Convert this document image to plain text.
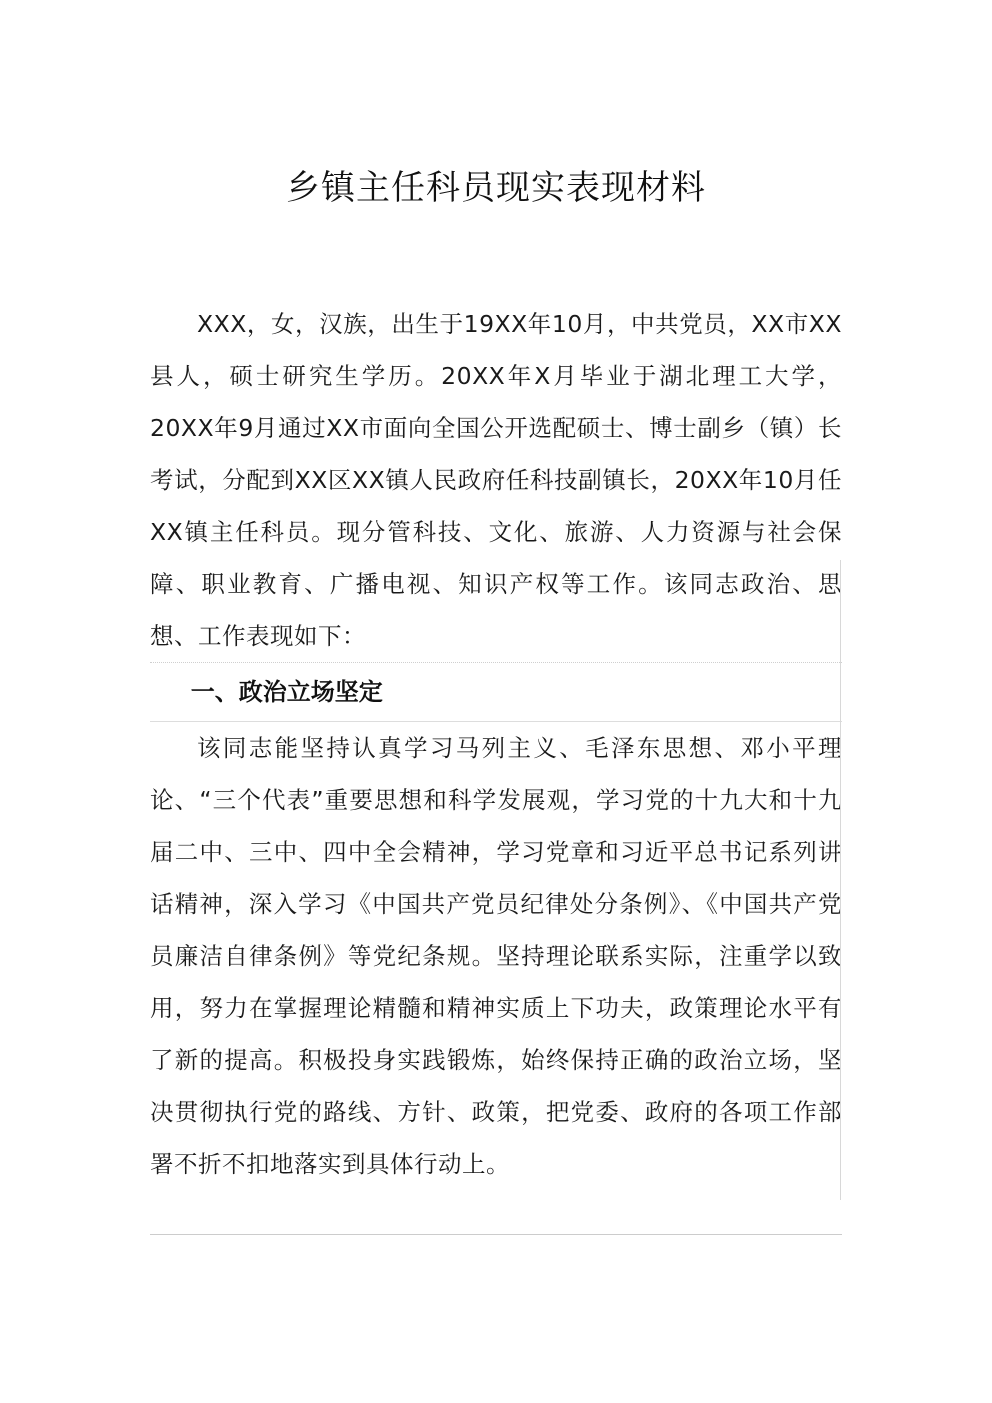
乡镇主任科员现实表现材料

XXX，女，汉族，出生于19XX年10月，中共党员，XX市XX县人，硕士研究生学历。20XX年X月毕业于湖北理工大学，20XX年9月通过XX市面向全国公开选配硕士、博士副乡（镇）长考试，分配到XX区XX镇人民政府任科技副镇长，20XX年10月任XX镇主任科员。现分管科技、文化、旅游、人力资源与社会保障、职业教育、广播电视、知识产权等工作。该同志政治、思想、工作表现如下：

一、政治立场坚定

该同志能坚持认真学习马列主义、毛泽东思想、邓小平理论、“三个代表”重要思想和科学发展观，学习党的十九大和十九届二中、三中、四中全会精神，学习党章和习近平总书记系列讲话精神，深入学习《中国共产党员纪律处分条例》、《中国共产党员廉洁自律条例》等党纪条规。坚持理论联系实际，注重学以致用，努力在掌握理论精髓和精神实质上下功夫，政策理论水平有了新的提高。积极投身实践锻炼，始终保持正确的政治立场，坚决贯彻执行党的路线、方针、政策，把党委、政府的各项工作部署不折不扣地落实到具体行动上。
